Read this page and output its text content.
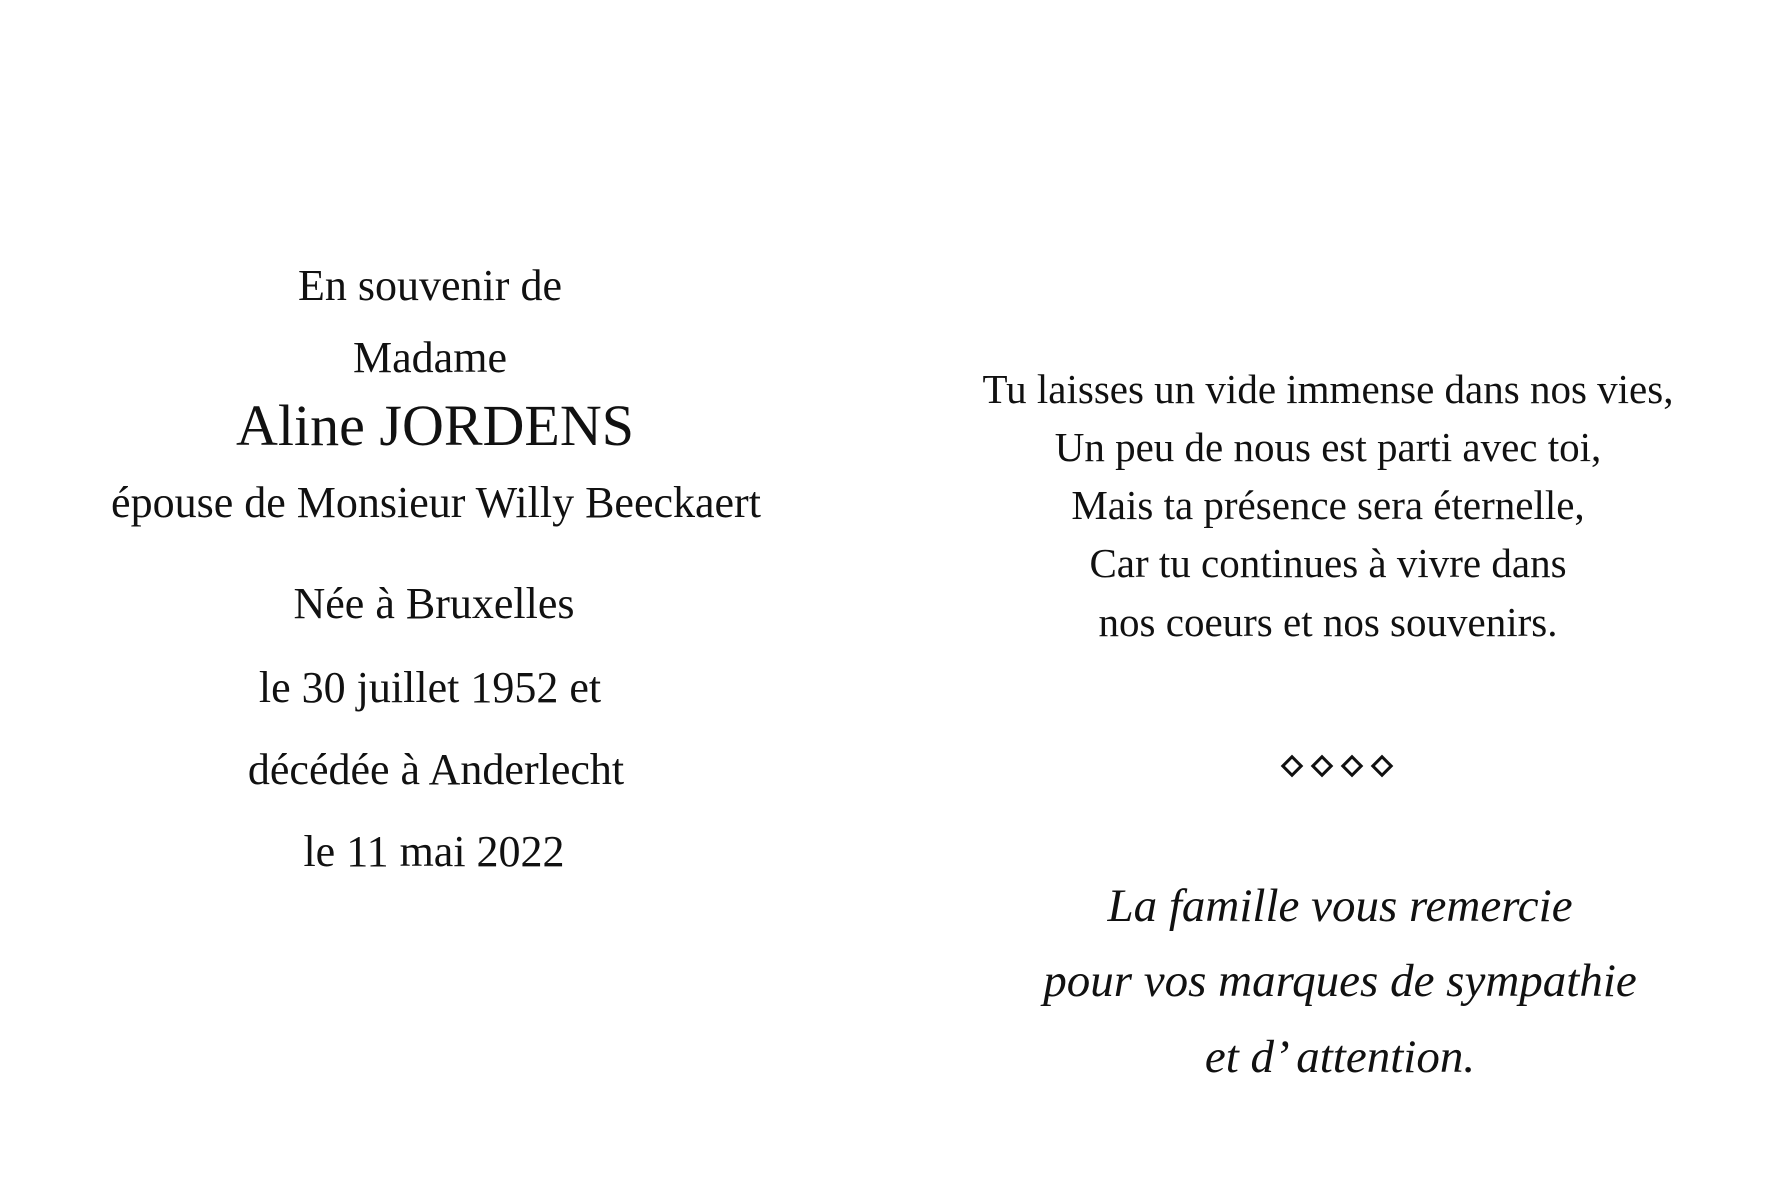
En souvenir de
Madame
Aline JORDENS
épouse de Monsieur Willy Beeckaert
Née à Bruxelles
le 30 juillet 1952 et
décédée à Anderlecht
le 11 mai 2022
Tu laisses un vide immense dans nos vies,
Un peu de nous est parti avec toi,
Mais ta présence sera éternelle,
Car tu continues à vivre dans
nos coeurs et nos souvenirs.
La famille vous remercie
pour vos marques de sympathie
et d’ attention.
